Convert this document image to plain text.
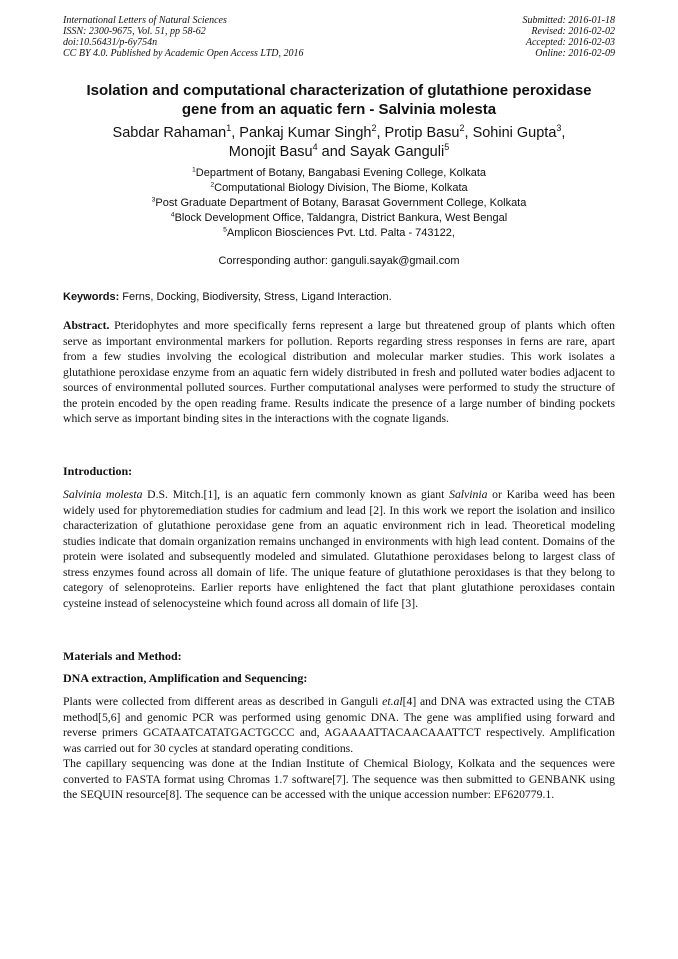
International Letters of Natural Sciences
ISSN: 2300-9675, Vol. 51, pp 58-62
doi:10.56431/p-6y754n
CC BY 4.0. Published by Academic Open Access LTD, 2016
Submitted: 2016-01-18
Revised: 2016-02-02
Accepted: 2016-02-03
Online: 2016-02-09
Isolation and computational characterization of glutathione peroxidase
gene from an aquatic fern - Salvinia molesta
Sabdar Rahaman$^1$, Pankaj Kumar Singh$^2$, Protip Basu$^2$, Sohini Gupta$^3$,
Monojit Basu$^4$ and Sayak Ganguli$^5$
$^1$Department of Botany, Bangabasi Evening College, Kolkata
$^2$Computational Biology Division, The Biome, Kolkata
$^3$Post Graduate Department of Botany, Barasat Government College, Kolkata
$^4$Block Development Office, Taldangra, District Bankura, West Bengal
$^5$Amplicon Biosciences Pvt. Ltd. Palta - 743122,
Corresponding author: ganguli.sayak@gmail.com
Keywords: Ferns, Docking, Biodiversity, Stress, Ligand Interaction.

Abstract. Pteridophytes and more specifically ferns represent a large but threatened group of plants which often serve as important environmental markers for pollution. Reports regarding stress responses in ferns are rare, apart from a few studies involving the ecological distribution and molecular marker studies. This work isolates a glutathione peroxidase enzyme from an aquatic fern widely distributed in fresh and polluted water bodies adjacent to sources of environmental polluted sources. Further computational analyses were performed to study the structure of the protein encoded by the open reading frame. Results indicate the presence of a large number of binding pockets which serve as important binding sites in the interactions with the cognate ligands.

Introduction:

Salvinia molesta D.S. Mitch.[1], is an aquatic fern commonly known as giant Salvinia or Kariba weed has been widely used for phytoremediation studies for cadmium and lead [2]. In this work we report the isolation and insilico characterization of glutathione peroxidase gene from an aquatic environment rich in lead. Theoretical modeling studies indicate that domain organization remains unchanged in environments with high lead content. Domains of the protein were isolated and subsequently modeled and simulated. Glutathione peroxidases belong to largest class of stress enzymes found across all domain of life. The unique feature of glutathione peroxidases is that they belong to category of selenoproteins. Earlier reports have enlightened the fact that plant glutathione peroxidases contain cysteine instead of selenocysteine which found across all domain of life [3].

Materials and Method:
DNA extraction, Amplification and Sequencing:

Plants were collected from different areas as described in Ganguli et.al[4] and DNA was extracted using the CTAB method[5,6] and genomic PCR was performed using genomic DNA. The gene was amplified using forward and reverse primers GCATAATCATATGACTGCCC and, AGAAAATTACAACAAATTCT respectively. Amplification was carried out for 30 cycles at standard operating conditions.

The capillary sequencing was done at the Indian Institute of Chemical Biology, Kolkata and the sequences were converted to FASTA format using Chromas 1.7 software[7]. The sequence was then submitted to GENBANK using the SEQUIN resource[8]. The sequence can be accessed with the unique accession number: EF620779.1.
